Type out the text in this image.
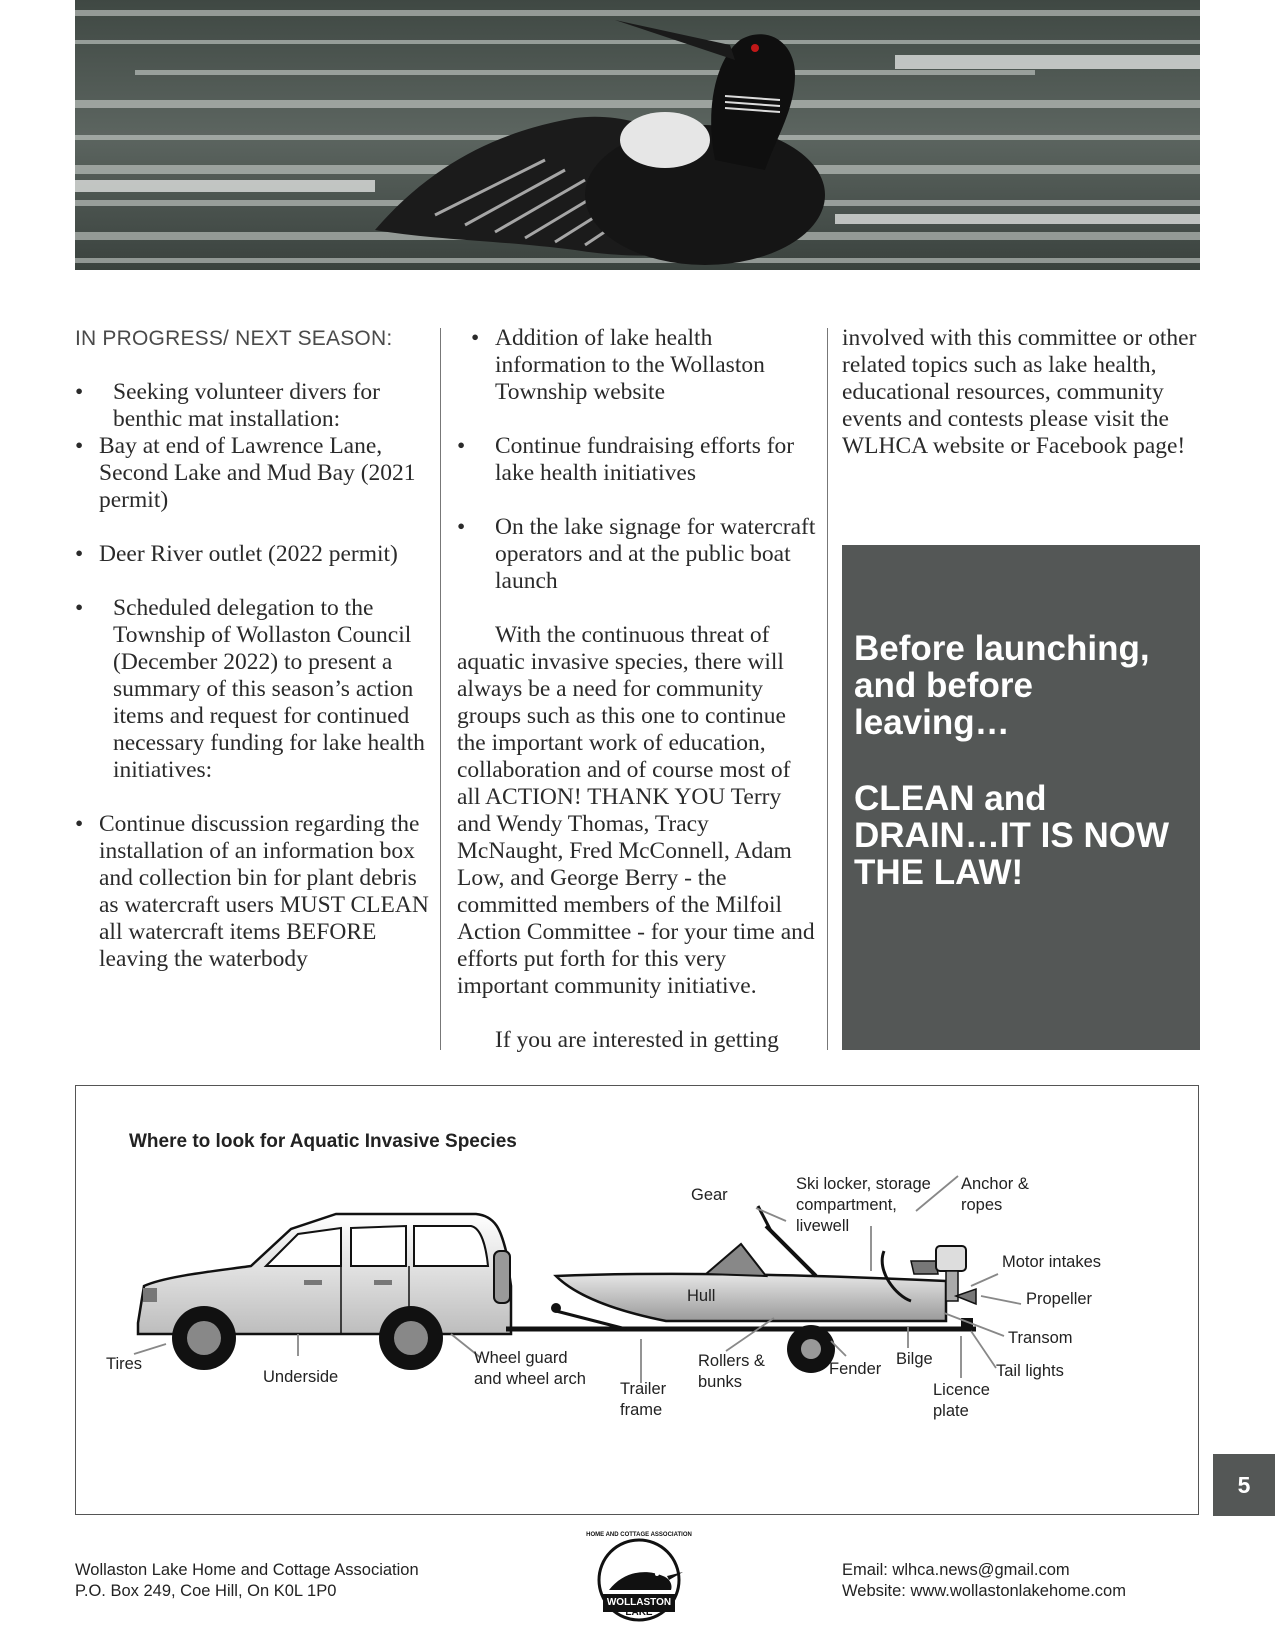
IN PROGRESS/ NEXT SEASON:

• Seeking volunteer divers for benthic mat installation:

• Bay at end of Lawrence Lane, Second Lake and Mud Bay (2021 permit)

• Deer River outlet (2022 permit)

• Scheduled delegation to the Township of Wollaston Council (December 2022) to present a summary of this season’s action items and request for continued necessary funding for lake health initiatives:

• Continue discussion regarding the installation of an information box and collection bin for plant debris as watercraft users MUST CLEAN all watercraft items BEFORE leaving the waterbody

• Addition of lake health information to the Wollaston Township website

• Continue fundraising efforts for lake health initiatives

• On the lake signage for watercraft operators and at the public boat launch

With the continuous threat of aquatic invasive species, there will always be a need for community groups such as this one to continue the important work of education, collaboration and of course most of all ACTION! THANK YOU Terry and Wendy Thomas, Tracy McNaught, Fred McConnell, Adam Low, and George Berry - the committed members of the Milfoil Action Committee - for your time and efforts put forth for this very important community initiative.

If you are interested in getting

involved with this committee or other related topics such as lake health, educational resources, community events and contests please visit the WLHCA website or Facebook page!

Before launching, and before leaving…
CLEAN and DRAIN…IT IS NOW THE LAW!
Where to look for Aquatic Invasive Species
Tires
Underside
Wheel guard and wheel arch
Trailer frame
Rollers & bunks
Hull
Fender
Bilge
Licence plate
Tail lights
Transom
Propeller
Motor intakes
Anchor & ropes
Ski locker, storage compartment, livewell
Gear
5
Wollaston Lake Home and Cottage Association
P.O. Box 249, Coe Hill, On K0L 1P0
WOLLASTON
LAKE
HOME AND COTTAGE ASSOCIATION
Email: wlhca.news@gmail.com
Website: www.wollastonlakehome.com
